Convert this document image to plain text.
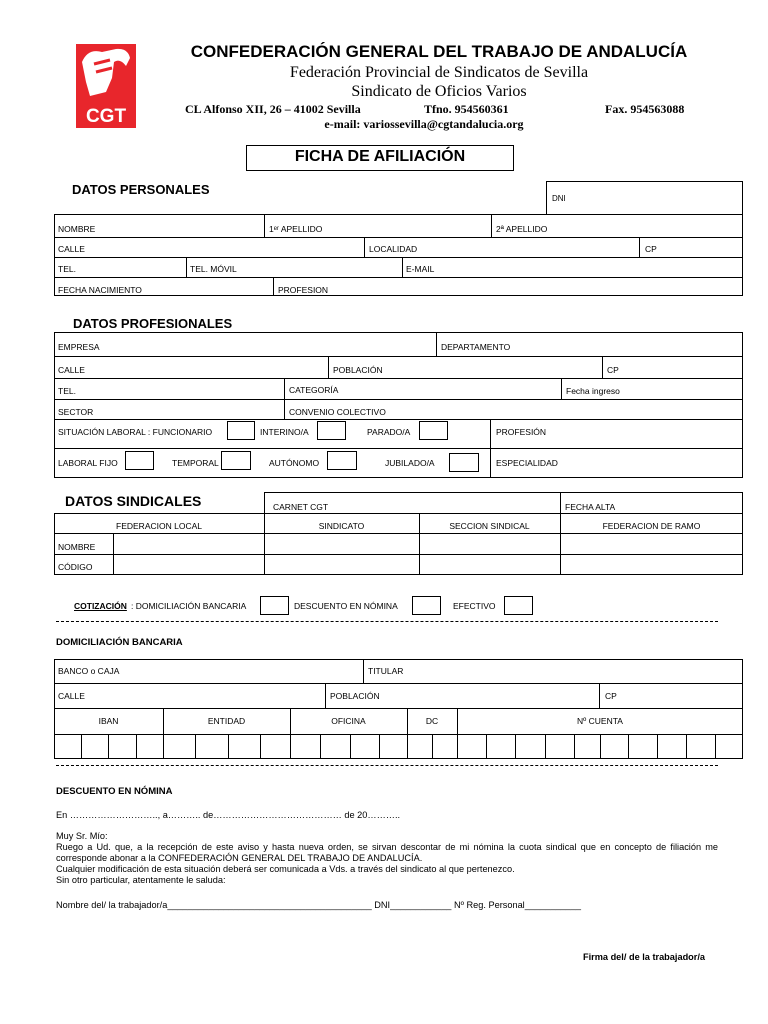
CGT
CONFEDERACIÓN GENERAL DEL TRABAJO DE ANDALUCÍA
Federación Provincial de Sindicatos de Sevilla
Sindicato de Oficios Varios
CL Alfonso XII, 26 – 41002 Sevilla	Tfno. 954560361	Fax. 954563088
e-mail: variossevilla@cgtandalucia.org
FICHA DE AFILIACIÓN
DATOS PERSONALES
DNI
NOMBRE	1ᵉʳ APELLIDO	2ª APELLIDO
CALLE	LOCALIDAD	CP
TEL.	TEL. MÓVIL	E-MAIL
FECHA NACIMIENTO	PROFESION
DATOS PROFESIONALES
EMPRESA	DEPARTAMENTO
CALLE	POBLACIÓN	CP
TEL.	CATEGORÍA	Fecha ingreso
SECTOR	CONVENIO COLECTIVO
SITUACIÓN LABORAL : FUNCIONARIO	INTERINO/A	PARADO/A	PROFESIÓN
LABORAL FIJO	TEMPORAL	AUTÓNOMO	JUBILADO/A	ESPECIALIDAD
DATOS SINDICALES	CARNET CGT	FECHA ALTA
FEDERACION LOCAL	SINDICATO	SECCION SINDICAL	FEDERACION DE RAMO
NOMBRE
CÓDIGO
COTIZACIÓN : DOMICILIACIÓN BANCARIA	DESCUENTO EN NÓMINA	EFECTIVO
DOMICILIACIÓN BANCARIA
BANCO o CAJA	TITULAR
CALLE	POBLACIÓN	CP
IBAN	ENTIDAD	OFICINA	DC	Nº CUENTA
DESCUENTO EN NÓMINA
En ……………………….., a……….. de…………………………………… de 20………..
Muy Sr. Mío:
Ruego a Ud. que, a la recepción de este aviso y hasta nueva orden, se sirvan descontar de mi nómina la cuota sindical que en concepto de filiación me corresponde abonar a la CONFEDERACIÓN GENERAL DEL TRABAJO DE ANDALUCÍA.
Cualquier modificación de esta situación deberá ser comunicada a Vds. a través del sindicato al que pertenezco.
Sin otro particular, atentamente le saluda:
Nombre del/ la trabajador/a________________________________________ DNI____________ Nº Reg. Personal___________
Firma del/ de la trabajador/a
